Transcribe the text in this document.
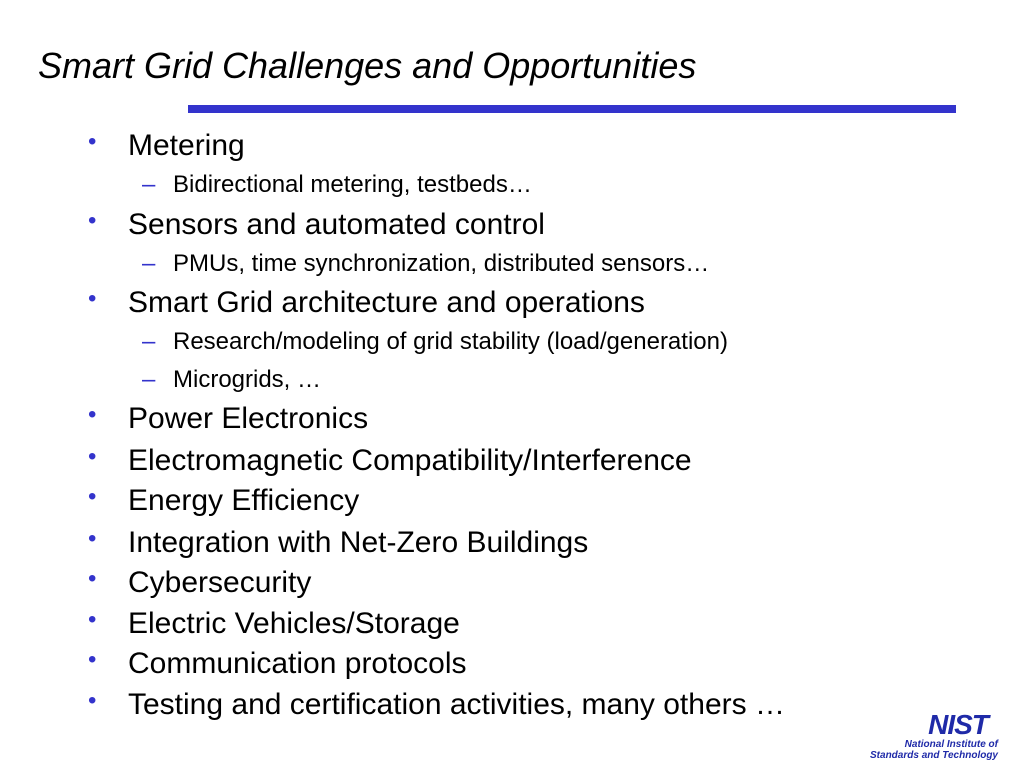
Smart Grid Challenges and Opportunities
• Metering
– Bidirectional metering, testbeds…
• Sensors and automated control
– PMUs, time synchronization, distributed sensors…
• Smart Grid architecture and operations
– Research/modeling of grid stability (load/generation)
– Microgrids, …
• Power Electronics
• Electromagnetic Compatibility/Interference
• Energy Efficiency
• Integration with Net-Zero Buildings
• Cybersecurity
• Electric Vehicles/Storage
• Communication protocols
• Testing and certification activities, many others …
NIST
National Institute of
Standards and Technology
